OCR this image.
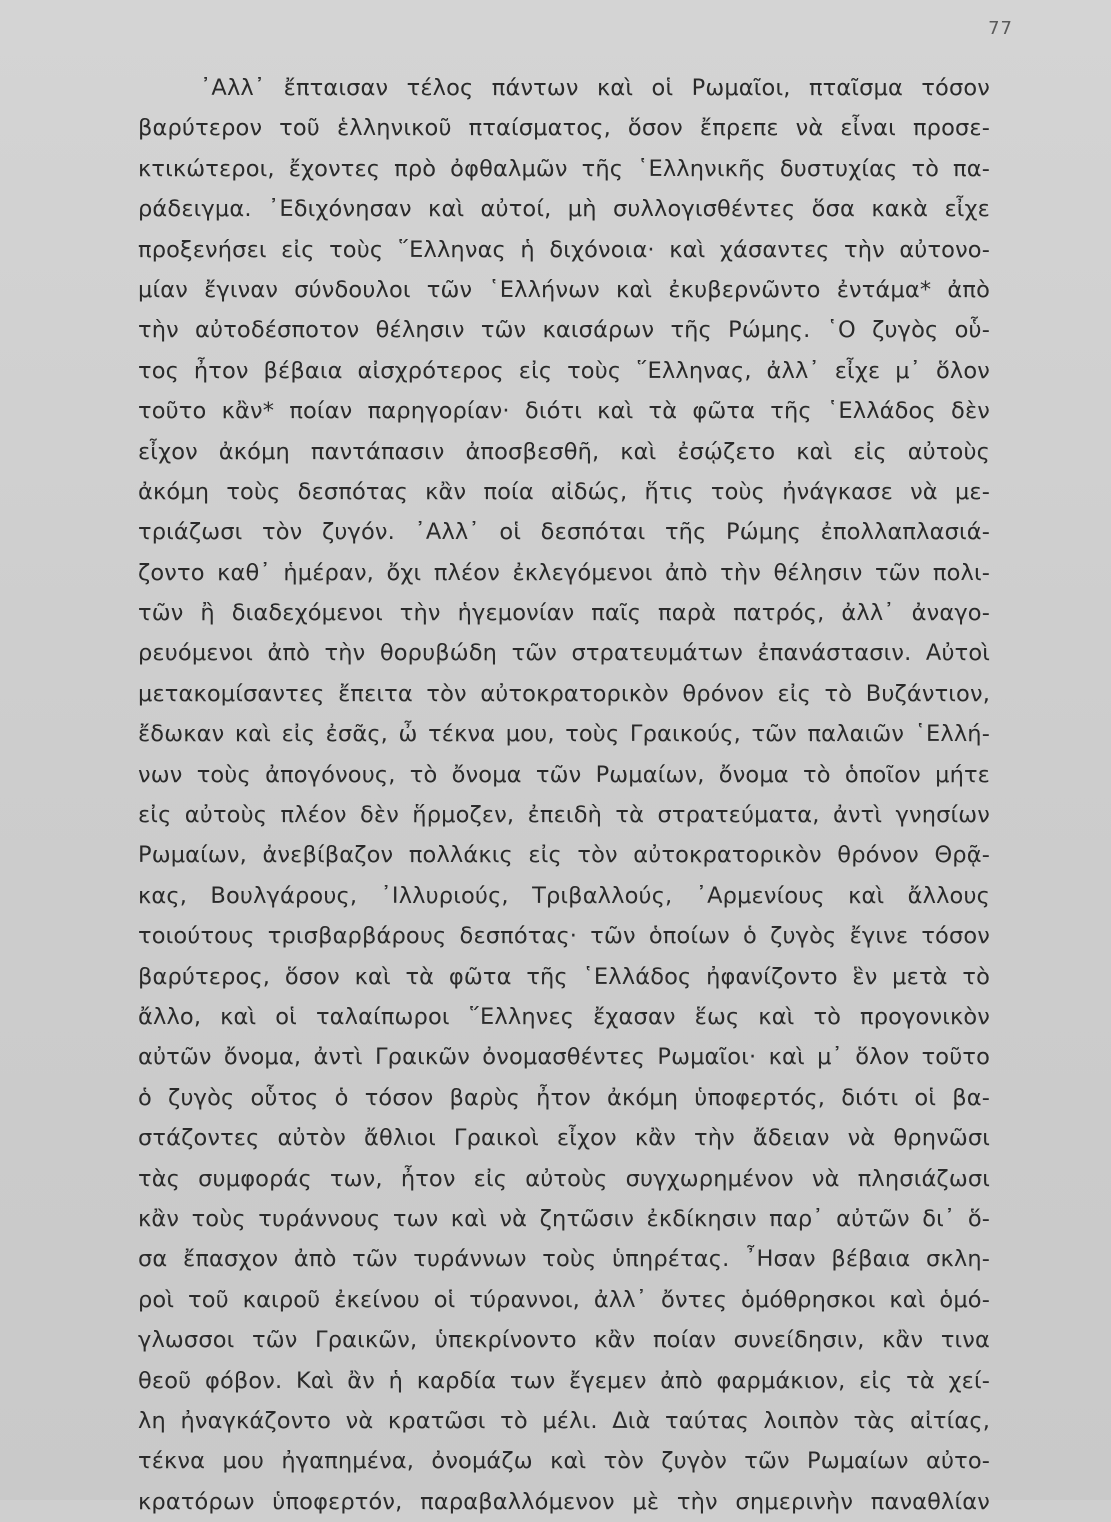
77
᾿Αλλ᾿ ἔπταισαν τέλος πάντων καὶ οἱ Ρωμαῖοι, πταῖσμα τόσον
βαρύτερον τοῦ ἑλληνικοῦ πταίσματος, ὅσον ἔπρεπε νὰ εἶναι προσε-
κτικώτεροι, ἔχοντες πρὸ ὀφθαλμῶν τῆς ῾Ελληνικῆς δυστυχίας τὸ πα-
ράδειγμα. ᾿Εδιχόνησαν καὶ αὐτοί, μὴ συλλογισθέντες ὅσα κακὰ εἶχε
προξενήσει εἰς τοὺς ῞Ελληνας ἡ διχόνοια· καὶ χάσαντες τὴν αὐτονο-
μίαν ἔγιναν σύνδουλοι τῶν ῾Ελλήνων καὶ ἐκυβερνῶντο ἐντάμα* ἀπὸ
τὴν αὐτοδέσποτον θέλησιν τῶν καισάρων τῆς Ρώμης. ῾Ο ζυγὸς οὗ-
τος ἦτον βέβαια αἰσχρότερος εἰς τοὺς ῞Ελληνας, ἀλλ᾿ εἶχε μ᾿ ὅλον
τοῦτο κἂν* ποίαν παρηγορίαν· διότι καὶ τὰ φῶτα τῆς ῾Ελλάδος δὲν
εἶχον ἀκόμη παντάπασιν ἀποσβεσθῆ, καὶ ἐσῴζετο καὶ εἰς αὐτοὺς
ἀκόμη τοὺς δεσπότας κἂν ποία αἰδώς, ἥτις τοὺς ἠνάγκασε νὰ με-
τριάζωσι τὸν ζυγόν. ᾿Αλλ᾿ οἱ δεσπόται τῆς Ρώμης ἐπολλαπλασιά-
ζοντο καθ᾿ ἡμέραν, ὄχι πλέον ἐκλεγόμενοι ἀπὸ τὴν θέλησιν τῶν πολι-
τῶν ἢ διαδεχόμενοι τὴν ἡγεμονίαν παῖς παρὰ πατρός, ἀλλ᾿ ἀναγο-
ρευόμενοι ἀπὸ τὴν θορυβώδη τῶν στρατευμάτων ἐπανάστασιν. Αὐτοὶ
μετακομίσαντες ἔπειτα τὸν αὐτοκρατορικὸν θρόνον εἰς τὸ Βυζάντιον,
ἔδωκαν καὶ εἰς ἐσᾶς, ὦ τέκνα μου, τοὺς Γραικούς, τῶν παλαιῶν ῾Ελλή-
νων τοὺς ἀπογόνους, τὸ ὄνομα τῶν Ρωμαίων, ὄνομα τὸ ὁποῖον μήτε
εἰς αὐτοὺς πλέον δὲν ἥρμοζεν, ἐπειδὴ τὰ στρατεύματα, ἀντὶ γνησίων
Ρωμαίων, ἀνεβίβαζον πολλάκις εἰς τὸν αὐτοκρατορικὸν θρόνον Θρᾷ-
κας, Βουλγάρους, ᾿Ιλλυριούς, Τριβαλλούς, ᾿Αρμενίους καὶ ἄλλους
τοιούτους τρισβαρβάρους δεσπότας· τῶν ὁποίων ὁ ζυγὸς ἔγινε τόσον
βαρύτερος, ὅσον καὶ τὰ φῶτα τῆς ῾Ελλάδος ἠφανίζοντο ἓν μετὰ τὸ
ἄλλο, καὶ οἱ ταλαίπωροι ῞Ελληνες ἔχασαν ἕως καὶ τὸ προγονικὸν
αὐτῶν ὄνομα, ἀντὶ Γραικῶν ὀνομασθέντες Ρωμαῖοι· καὶ μ᾿ ὅλον τοῦτο
ὁ ζυγὸς οὗτος ὁ τόσον βαρὺς ἦτον ἀκόμη ὑποφερτός, διότι οἱ βα-
στάζοντες αὐτὸν ἄθλιοι Γραικοὶ εἶχον κἂν τὴν ἄδειαν νὰ θρηνῶσι
τὰς συμφοράς των, ἦτον εἰς αὐτοὺς συγχωρημένον νὰ πλησιάζωσι
κἂν τοὺς τυράννους των καὶ νὰ ζητῶσιν ἐκδίκησιν παρ᾿ αὐτῶν δι᾿ ὅ-
σα ἔπασχον ἀπὸ τῶν τυράννων τοὺς ὑπηρέτας. ῏Ησαν βέβαια σκλη-
ροὶ τοῦ καιροῦ ἐκείνου οἱ τύραννοι, ἀλλ᾿ ὄντες ὁμόθρησκοι καὶ ὁμό-
γλωσσοι τῶν Γραικῶν, ὑπεκρίνοντο κἂν ποίαν συνείδησιν, κἂν τινα
θεοῦ φόβον. Καὶ ἂν ἡ καρδία των ἔγεμεν ἀπὸ φαρμάκιον, εἰς τὰ χεί-
λη ἠναγκάζοντο νὰ κρατῶσι τὸ μέλι. Διὰ ταύτας λοιπὸν τὰς αἰτίας,
τέκνα μου ἠγαπημένα, ὀνομάζω καὶ τὸν ζυγὸν τῶν Ρωμαίων αὐτο-
κρατόρων ὑποφερτόν, παραβαλλόμενον μὲ τὴν σημερινὴν παναθλίαν
